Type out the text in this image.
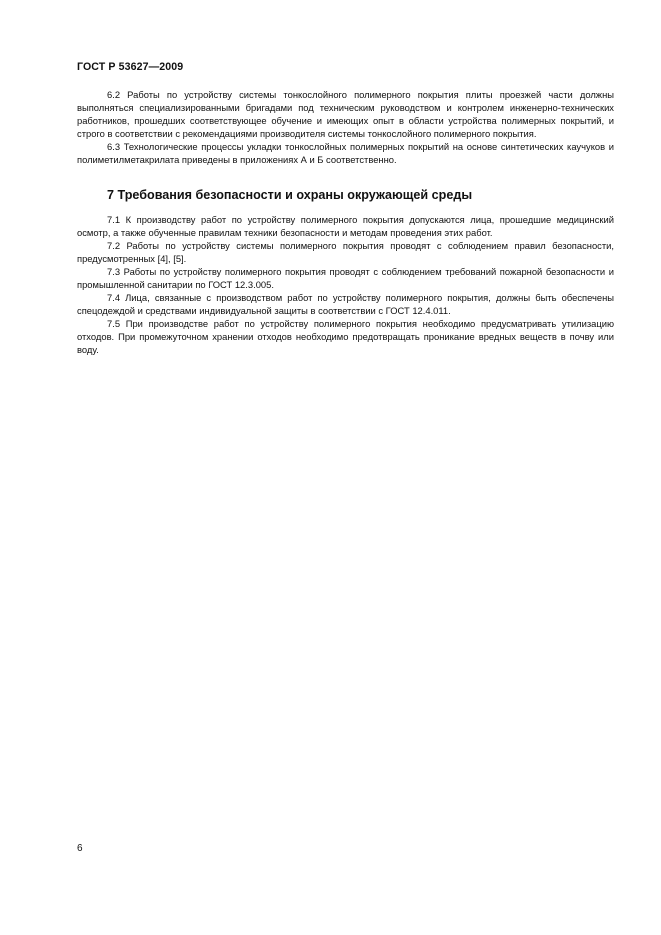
ГОСТ Р 53627—2009

6.2 Работы по устройству системы тонкослойного полимерного покрытия плиты проезжей части должны выполняться специализированными бригадами под техническим руководством и контролем инженерно-технических работников, прошедших соответствующее обучение и имеющих опыт в области устройства полимерных покрытий, и строго в соответствии с рекомендациями производителя системы тонкослойного полимерного покрытия.

6.3 Технологические процессы укладки тонкослойных полимерных покрытий на основе синтетических каучуков и полиметилметакрилата приведены в приложениях А и Б соответственно.

7 Требования безопасности и охраны окружающей среды

7.1 К производству работ по устройству полимерного покрытия допускаются лица, прошедшие медицинский осмотр, а также обученные правилам техники безопасности и методам проведения этих работ.

7.2 Работы по устройству системы полимерного покрытия проводят с соблюдением правил безопасности, предусмотренных [4], [5].

7.3 Работы по устройству полимерного покрытия проводят с соблюдением требований пожарной безопасности и промышленной санитарии по ГОСТ 12.3.005.

7.4 Лица, связанные с производством работ по устройству полимерного покрытия, должны быть обеспечены спецодеждой и средствами индивидуальной защиты в соответствии с ГОСТ 12.4.011.

7.5 При производстве работ по устройству полимерного покрытия необходимо предусматривать утилизацию отходов. При промежуточном хранении отходов необходимо предотвращать проникание вредных веществ в почву или воду.

6
